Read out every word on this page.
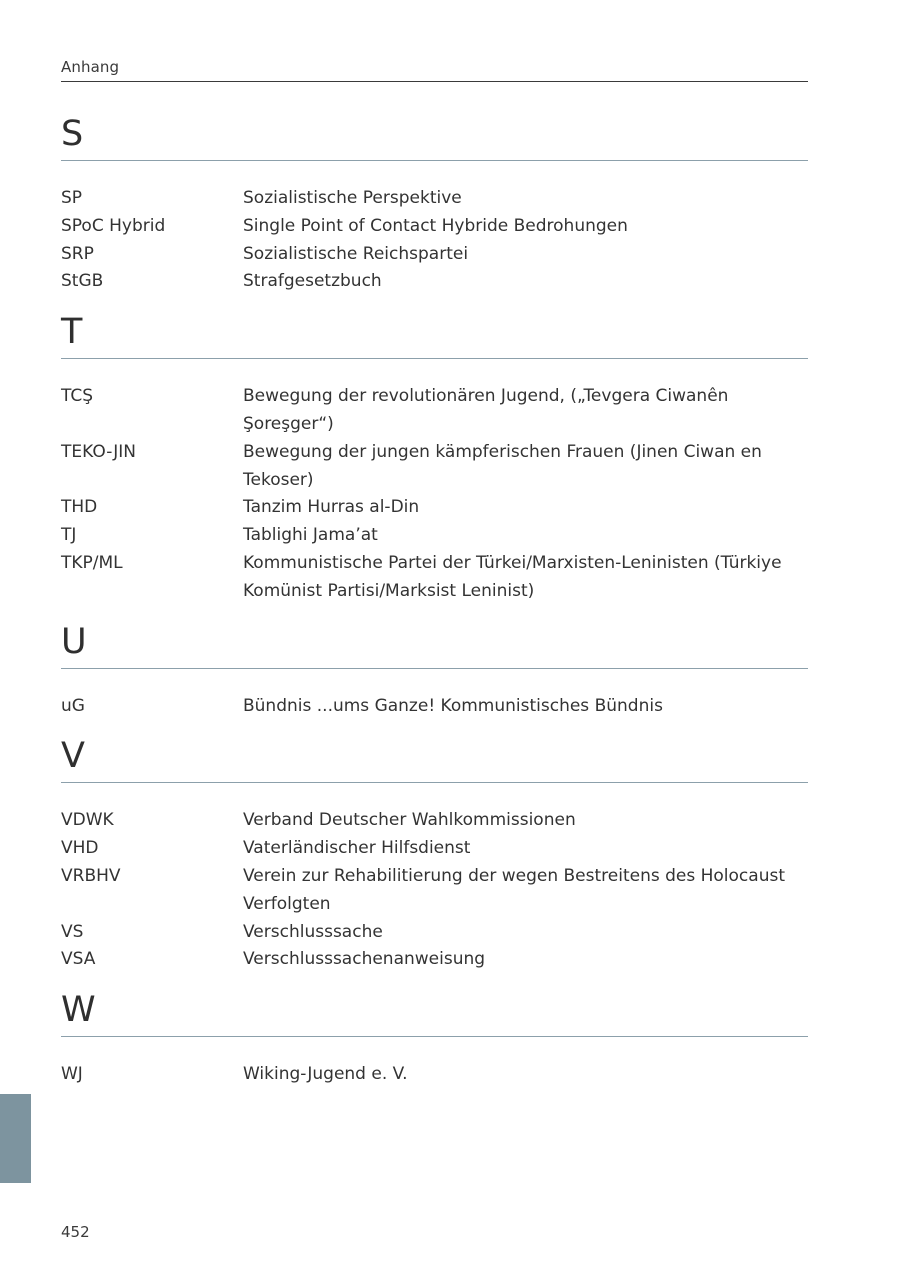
Anhang
S
SP	Sozialistische Perspektive
SPoC Hybrid	Single Point of Contact Hybride Bedrohungen
SRP	Sozialistische Reichspartei
StGB	Strafgesetzbuch
T
TCŞ	Bewegung der revolutionären Jugend, („Tevgera Ciwanên Şoreşger“)
TEKO-JIN	Bewegung der jungen kämpferischen Frauen (Jinen Ciwan en Tekoser)
THD	Tanzim Hurras al-Din
TJ	Tablighi Jama’at
TKP/ML	Kommunistische Partei der Türkei/Marxisten-Leninisten (Türkiye Komünist Partisi/Marksist Leninist)
U
uG	Bündnis ...ums Ganze! Kommunistisches Bündnis
V
VDWK	Verband Deutscher Wahlkommissionen
VHD	Vaterländischer Hilfsdienst
VRBHV	Verein zur Rehabilitierung der wegen Bestreitens des Holocaust Verfolgten
VS	Verschlusssache
VSA	Verschlusssachenanweisung
W
WJ	Wiking-Jugend e. V.
452
